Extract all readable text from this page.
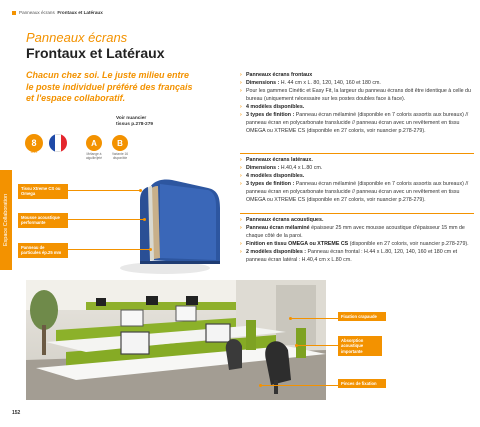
Panneaux écrans Frontaux et Latéraux
Panneaux écrans
Frontaux et Latéraux
Chacun chez soi. Le juste milieu entre le poste individuel préféré des français et l'espace collaboratif.
Voir nuancier
tissus p.278-279
8
ANS
A
Mélange à aiguille/jeté
B
Variante 16 disponible
Espace Collaboration
Tissu Xtreme CS ou Omega
Mousse acoustique performante
Panneau de particules ép.25 mm
› Panneaux écrans frontaux
› Dimensions : H. 44 cm x L. 80, 120, 140, 160 et 180 cm.
› Pour les gammes Cinétic et Easy Fit, la largeur du panneau écrans doit être identique à celle du bureau (uniquement nécessaire sur les postes doubles face à face).
› 4 modèles disponibles.
› 3 types de finition : Panneau écran mélaminé (disponible en 7 coloris assortis aux bureaux) // panneau écran en polycarbonate translucide // panneau écran avec un revêtement en tissu OMEGA ou XTREME CS (disponible en 27 coloris, voir nuancier p.278-279).
› Panneaux écrans latéraux.
› Dimensions : H.40,4 x L.80 cm.
› 4 modèles disponibles.
› 3 types de finition : Panneau écran mélaminé (disponible en 7 coloris assortis aux bureaux) // panneau écran en polycarbonate translucide // panneau écran avec un revêtement en tissu OMEGA ou XTREME CS (disponible en 27 coloris, voir nuancier p.278-279).
› Panneaux écrans acoustiques.
› Panneau écran mélaminé épaisseur 25 mm avec mousse acoustique d'épaisseur 15 mm de chaque côté de la paroi.
› Finition en tissu OMEGA ou XTREME CS (disponible en 27 coloris, voir nuancier p.278-279).
› 2 modèles disponibles : Panneau écran frontal : H.44 x L.80, 120, 140, 160 et 180 cm et panneau écran latéral : H.40,4 cm x L.80 cm.
Fixation crapaude
Absorption acoustique importante
Pinces de fixation
152
